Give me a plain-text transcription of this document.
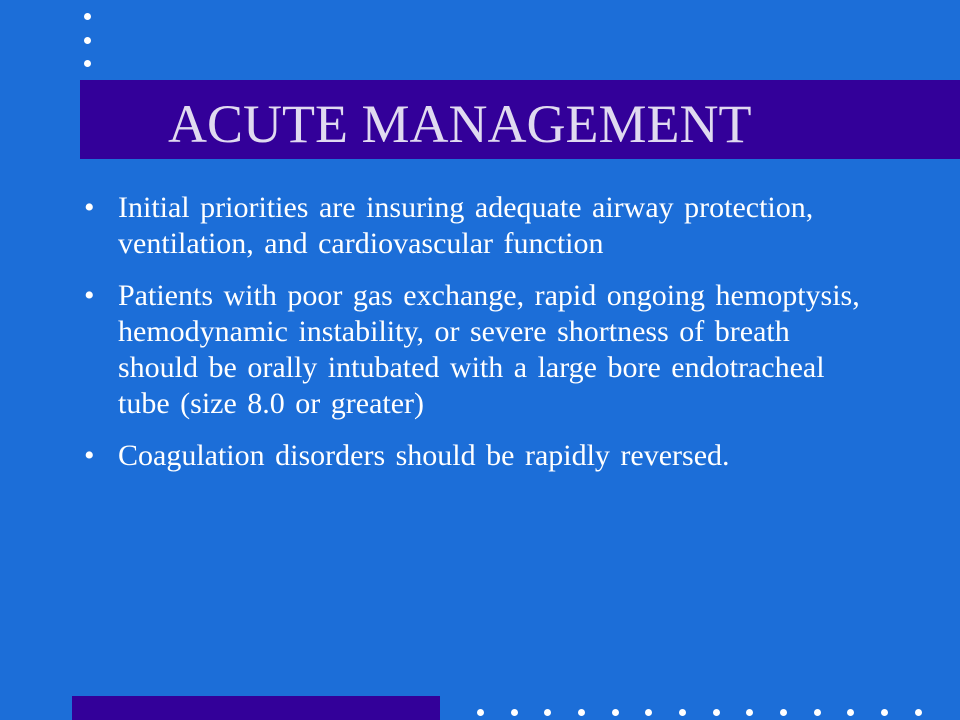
ACUTE MANAGEMENT
• Initial priorities are insuring adequate airway protection, ventilation, and cardiovascular function
• Patients with poor gas exchange, rapid ongoing hemoptysis, hemodynamic instability, or severe shortness of breath should be orally intubated with a large bore endotracheal tube (size 8.0 or greater)
• Coagulation disorders should be rapidly reversed.
